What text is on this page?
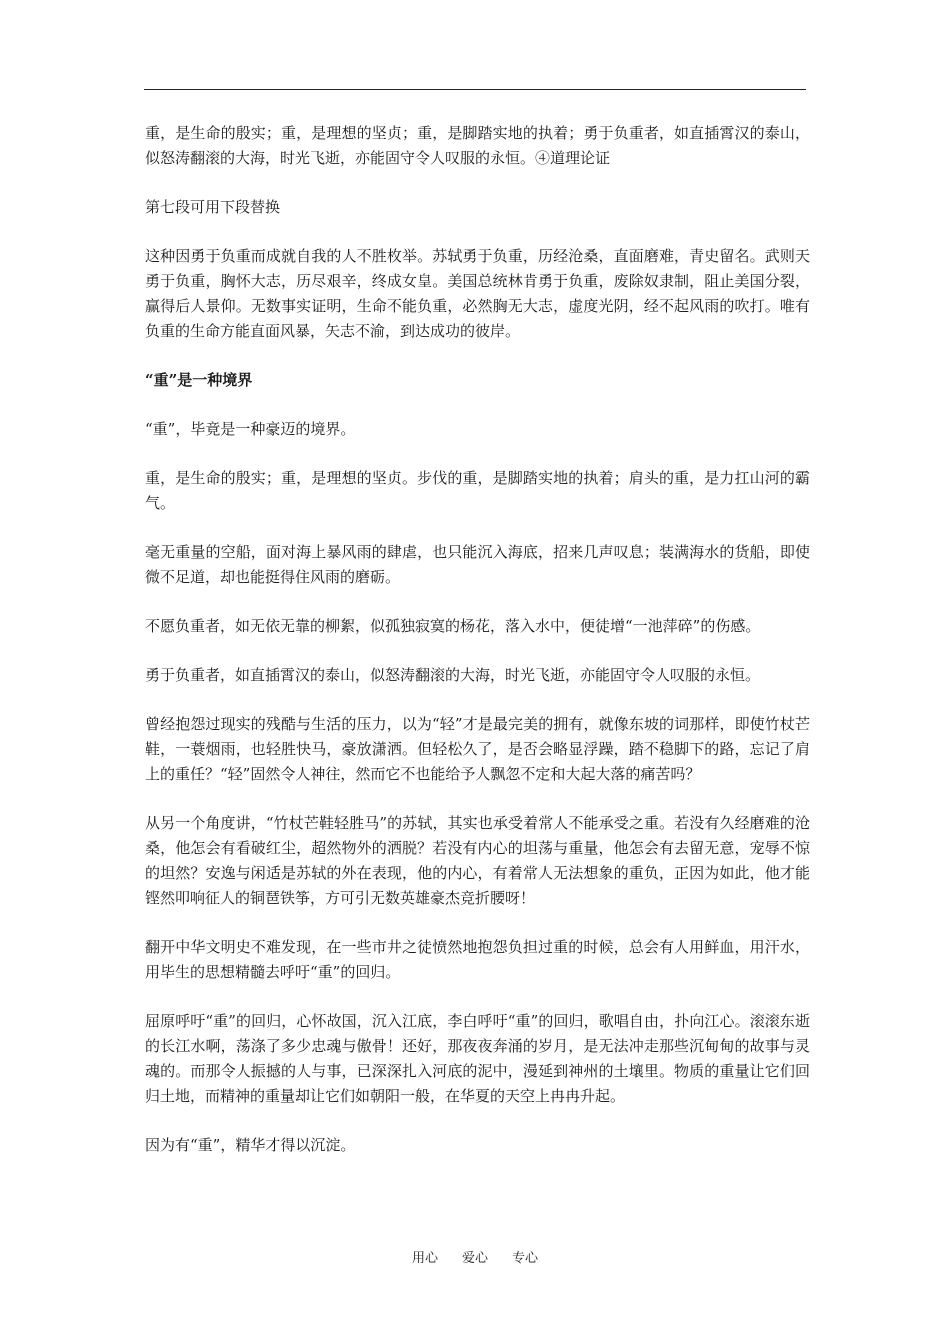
重，是生命的殷实；重，是理想的坚贞；重，是脚踏实地的执着；勇于负重者，如直插霄汉的泰山，似怒涛翻滚的大海，时光飞逝，亦能固守令人叹服的永恒。④道理论证

第七段可用下段替换

这种因勇于负重而成就自我的人不胜枚举。苏轼勇于负重，历经沧桑，直面磨难，青史留名。武则天勇于负重，胸怀大志，历尽艰辛，终成女皇。美国总统林肯勇于负重，废除奴隶制，阻止美国分裂，赢得后人景仰。无数事实证明，生命不能负重，必然胸无大志，虚度光阴，经不起风雨的吹打。唯有负重的生命方能直面风暴，矢志不渝，到达成功的彼岸。

“重”是一种境界

“重”，毕竟是一种豪迈的境界。

重，是生命的殷实；重，是理想的坚贞。步伐的重，是脚踏实地的执着；肩头的重，是力扛山河的霸气。

毫无重量的空船，面对海上暴风雨的肆虐，也只能沉入海底，招来几声叹息；装满海水的货船，即使微不足道，却也能挺得住风雨的磨砺。

不愿负重者，如无依无靠的柳絮，似孤独寂寞的杨花，落入水中，便徒增“一池萍碎”的伤感。

勇于负重者，如直插霄汉的泰山，似怒涛翻滚的大海，时光飞逝，亦能固守令人叹服的永恒。

曾经抱怨过现实的残酷与生活的压力，以为“轻”才是最完美的拥有，就像东坡的词那样，即使竹杖芒鞋，一蓑烟雨，也轻胜快马，豪放潇洒。但轻松久了，是否会略显浮躁，踏不稳脚下的路，忘记了肩上的重任？“轻”固然令人神往，然而它不也能给予人飘忽不定和大起大落的痛苦吗？

从另一个角度讲，“竹杖芒鞋轻胜马”的苏轼，其实也承受着常人不能承受之重。若没有久经磨难的沧桑，他怎会有看破红尘，超然物外的洒脱？若没有内心的坦荡与重量，他怎会有去留无意，宠辱不惊的坦然？安逸与闲适是苏轼的外在表现，他的内心，有着常人无法想象的重负，正因为如此，他才能铿然叩响征人的铜琶铁筝，方可引无数英雄豪杰竞折腰呀！

翻开中华文明史不难发现，在一些市井之徒愤然地抱怨负担过重的时候，总会有人用鲜血，用汗水，用毕生的思想精髓去呼吁“重”的回归。

屈原呼吁“重”的回归，心怀故国，沉入江底，李白呼吁“重”的回归，歌唱自由，扑向江心。滚滚东逝的长江水啊，荡涤了多少忠魂与傲骨！还好，那夜夜奔涌的岁月，是无法冲走那些沉甸甸的故事与灵魂的。而那令人振撼的人与事，已深深扎入河底的泥中，漫延到神州的土壤里。物质的重量让它们回归土地，而精神的重量却让它们如朝阳一般，在华夏的天空上冉冉升起。

因为有“重”，精华才得以沉淀。

用心 爱心 专心
